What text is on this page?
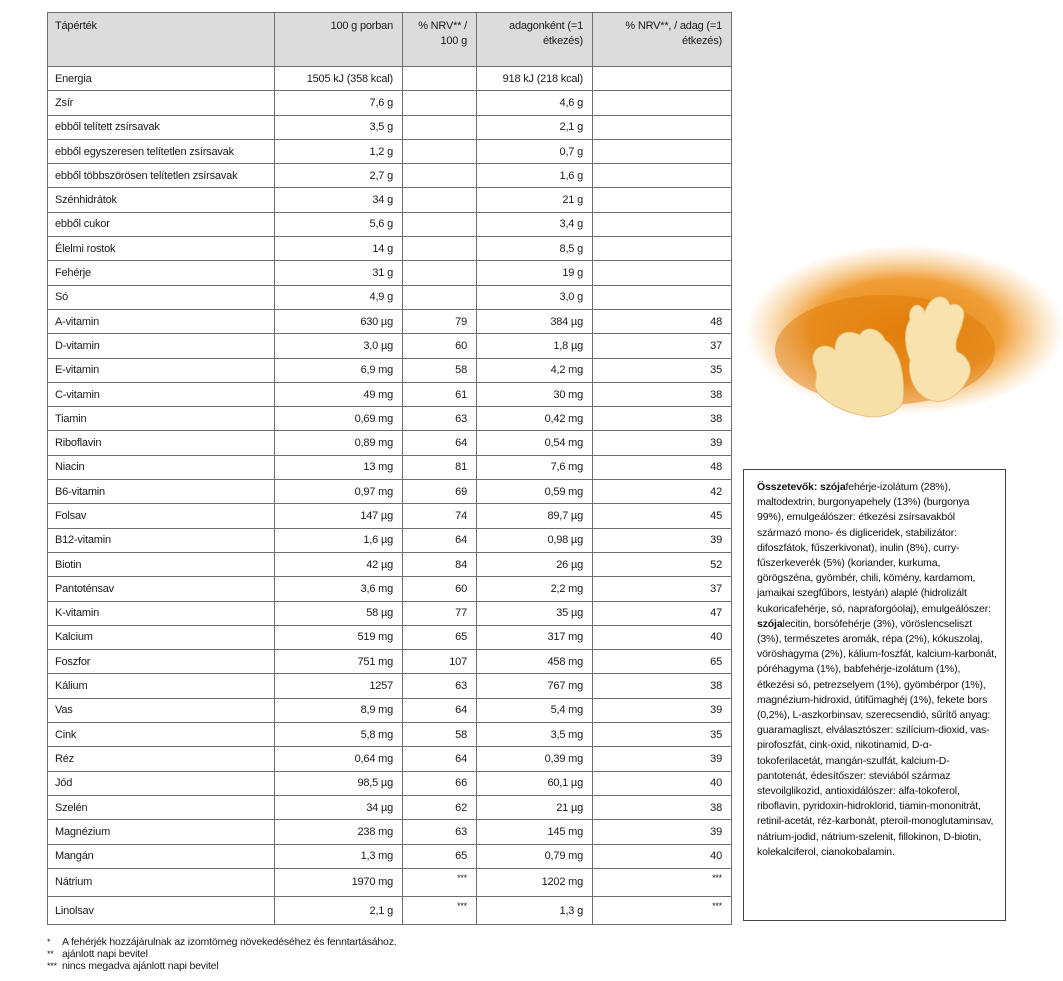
Tápérték	100 g porban	% NRV** / 100 g	adagonként (=1 étkezés)	% NRV**, / adag (=1 étkezés)
Energia	1505 kJ (358 kcal)		918 kJ (218 kcal)	
Zsír	7,6 g		4,6 g	
ebből telített zsírsavak	3,5 g		2,1 g	
ebből egyszeresen telítetlen zsírsavak	1,2 g		0,7 g	
ebből többszörösen telítetlen zsírsavak	2,7 g		1,6 g	
Szénhidrátok	34 g		21 g	
ebből cukor	5,6 g		3,4 g	
Élelmi rostok	14 g		8,5 g	
Fehérje	31 g		19 g	
Só	4,9 g		3,0 g	
A-vitamin	630 µg	79	384 µg	48
D-vitamin	3,0 µg	60	1,8 µg	37
E-vitamin	6,9 mg	58	4,2 mg	35
C-vitamin	49 mg	61	30 mg	38
Tiamin	0,69 mg	63	0,42 mg	38
Riboflavin	0,89 mg	64	0,54 mg	39
Niacin	13 mg	81	7,6 mg	48
B6-vitamin	0,97 mg	69	0,59 mg	42
Folsav	147 µg	74	89,7 µg	45
B12-vitamin	1,6 µg	64	0,98 µg	39
Biotin	42 µg	84	26 µg	52
Pantoténsav	3,6 mg	60	2,2 mg	37
K-vitamin	58 µg	77	35 µg	47
Kalcium	519 mg	65	317 mg	40
Foszfor	751 mg	107	458 mg	65
Kálium	1257	63	767 mg	38
Vas	8,9 mg	64	5,4 mg	39
Cink	5,8 mg	58	3,5 mg	35
Réz	0,64 mg	64	0,39 mg	39
Jód	98,5 µg	66	60,1 µg	40
Szelén	34 µg	62	21 µg	38
Magnézium	238 mg	63	145 mg	39
Mangán	1,3 mg	65	0,79 mg	40
Nátrium	1970 mg	***	1202 mg	***
Linolsav	2,1 g	***	1,3 g	***
*	A fehérjék hozzájárulnak az izomtömeg növekedéséhez és fenntartásához.
** ajánlott napi bevitel
*** nincs megadva ajánlott napi bevitel
Összetevők: szójafehérje-izolátum (28%), maltodextrin, burgonyapehely (13%) (burgonya 99%), emulgeálószer: étkezési zsírsavakból származó mono- és digliceridek, stabilizátor: difoszfátok, fűszerkivonat), inulin (8%), curry-fűszerkeverék (5%) (koriander, kurkuma, görögszéna, gyömbér, chili, kömény, kardamom, jamaikai szegfűbors, lestyán) alaplé (hidrolizált kukoricafehérje, só, napraforgóolaj), emulgeálószer: szójalecitin, borsófehérje (3%), vöröslencseliszt (3%), természetes aromák, répa (2%), kókuszolaj, vöröshagyma (2%), kálium-foszfát, kalcium-karbonát, póréhagyma (1%), babfehérje-izolátum (1%), étkezési só, petrezselyem (1%), gyömbérpor (1%), magnézium-hidroxid, útifűmaghéj (1%), fekete bors (0,2%), L-aszkorbinsav, szerecsendió, sűrítő anyag: guaramagliszt, elválasztószer: szilícium-dioxid, vas-pirofoszfát, cink-oxid, nikotinamid, D-α-tokoferilacetát, mangán-szulfát, kalcium-D-pantotenát, édesítőszer: steviából származ stevoilglikozid, antioxidálószer: alfa-tokoferol, riboflavin, pyridoxin-hidroklorid, tiamin-mononitrát, retinil-acetát, réz-karbonát, pteroil-monoglutaminsav, nátrium-jodid, nátrium-szelenit, fillokinon, D-biotin, kolekalciferol, cianokobalamin.
